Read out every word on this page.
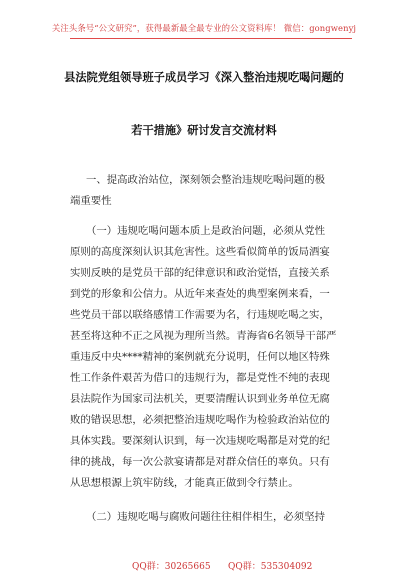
关注头条号“公文研究”，获得最新最全最专业的公文资料库！ 微信：gongwenyj
县法院党组领导班子成员学习《深入整治违规吃喝问题的
若干措施》研讨发言交流材料
一、提高政治站位，深刻领会整治违规吃喝问题的极
端重要性
（一）违规吃喝问题本质上是政治问题，必须从党性
原则的高度深刻认识其危害性。这些看似简单的饭局酒宴
实则反映的是党员干部的纪律意识和政治觉悟，直接关系
到党的形象和公信力。从近年来查处的典型案例来看，一
些党员干部以联络感情工作需要为名，行违规吃喝之实，
甚至将这种不正之风视为理所当然。青海省6名领导干部严
重违反中央****精神的案例就充分说明，任何以地区特殊
性工作条件艰苦为借口的违规行为，都是党性不纯的表现
县法院作为国家司法机关，更要清醒认识到业务单位无腐
败的错误思想，必须把整治违规吃喝作为检验政治站位的
具体实践。要深刻认识到，每一次违规吃喝都是对党的纪
律的挑战，每一次公款宴请都是对群众信任的辜负。只有
从思想根源上筑牢防线，才能真正做到令行禁止。
（二）违规吃喝与腐败问题往往相伴相生，必须坚持
QQ群：30265665 QQ群：535304092
